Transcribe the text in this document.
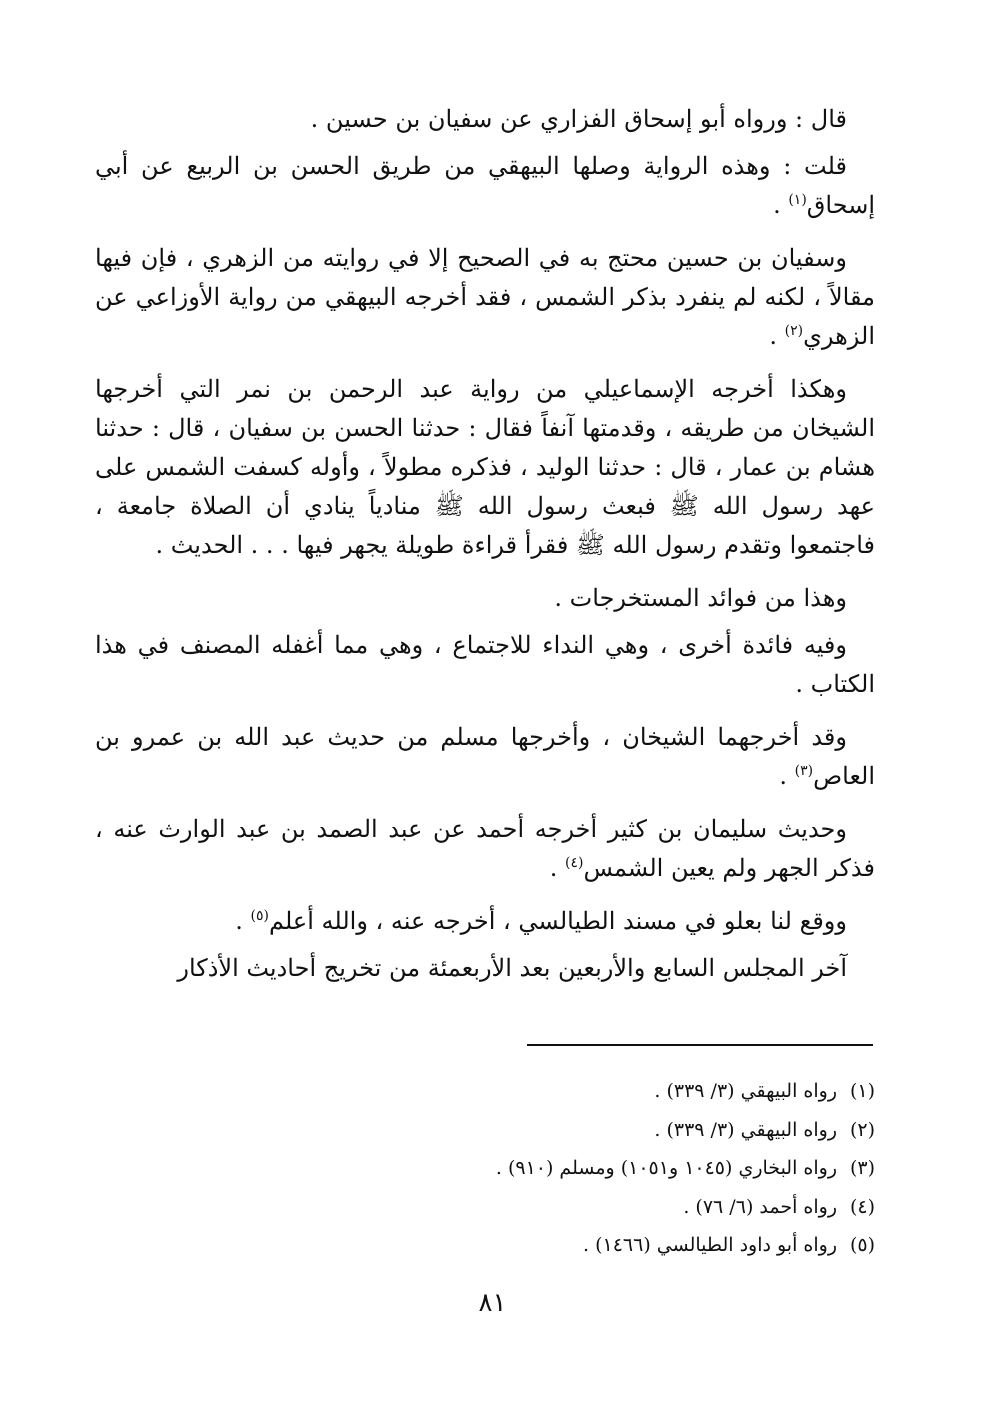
قال : ورواه أبو إسحاق الفزاري عن سفيان بن حسين .

قلت : وهذه الرواية وصلها البيهقي من طريق الحسن بن الربيع عن أبي إسحاق$^{(١)}$ .

وسفيان بن حسين محتج به في الصحيح إلا في روايته من الزهري ، فإن فيها مقالاً ، لكنه لم ينفرد بذكر الشمس ، فقد أخرجه البيهقي من رواية الأوزاعي عن الزهري$^{(٢)}$ .

وهكذا أخرجه الإسماعيلي من رواية عبد الرحمن بن نمر التي أخرجها الشيخان من طريقه ، وقدمتها آنفاً فقال : حدثنا الحسن بن سفيان ، قال : حدثنا هشام بن عمار ، قال : حدثنا الوليد ، فذكره مطولاً ، وأوله كسفت الشمس على عهد رسول الله ﷺ فبعث رسول الله ﷺ منادياً ينادي أن الصلاة جامعة ، فاجتمعوا وتقدم رسول الله ﷺ فقرأ قراءة طويلة يجهر فيها . . . الحديث .

وهذا من فوائد المستخرجات .

وفيه فائدة أخرى ، وهي النداء للاجتماع ، وهي مما أغفله المصنف في هذا الكتاب .

وقد أخرجهما الشيخان ، وأخرجها مسلم من حديث عبد الله بن عمرو بن العاص$^{(٣)}$ .

وحديث سليمان بن كثير أخرجه أحمد عن عبد الصمد بن عبد الوارث عنه ، فذكر الجهر ولم يعين الشمس$^{(٤)}$ .

ووقع لنا بعلو في مسند الطيالسي ، أخرجه عنه ، والله أعلم$^{(٥)}$ .

آخر المجلس السابع والأربعين بعد الأربعمئة من تخريج أحاديث الأذكار

(١)رواه البيهقي (٣/ ٣٣٩) .
(٢)رواه البيهقي (٣/ ٣٣٩) .
(٣)رواه البخاري (١٠٤٥ و١٠٥١) ومسلم (٩١٠) .
(٤)رواه أحمد (٦/ ٧٦) .
(٥)رواه أبو داود الطيالسي (١٤٦٦) .
٨١
